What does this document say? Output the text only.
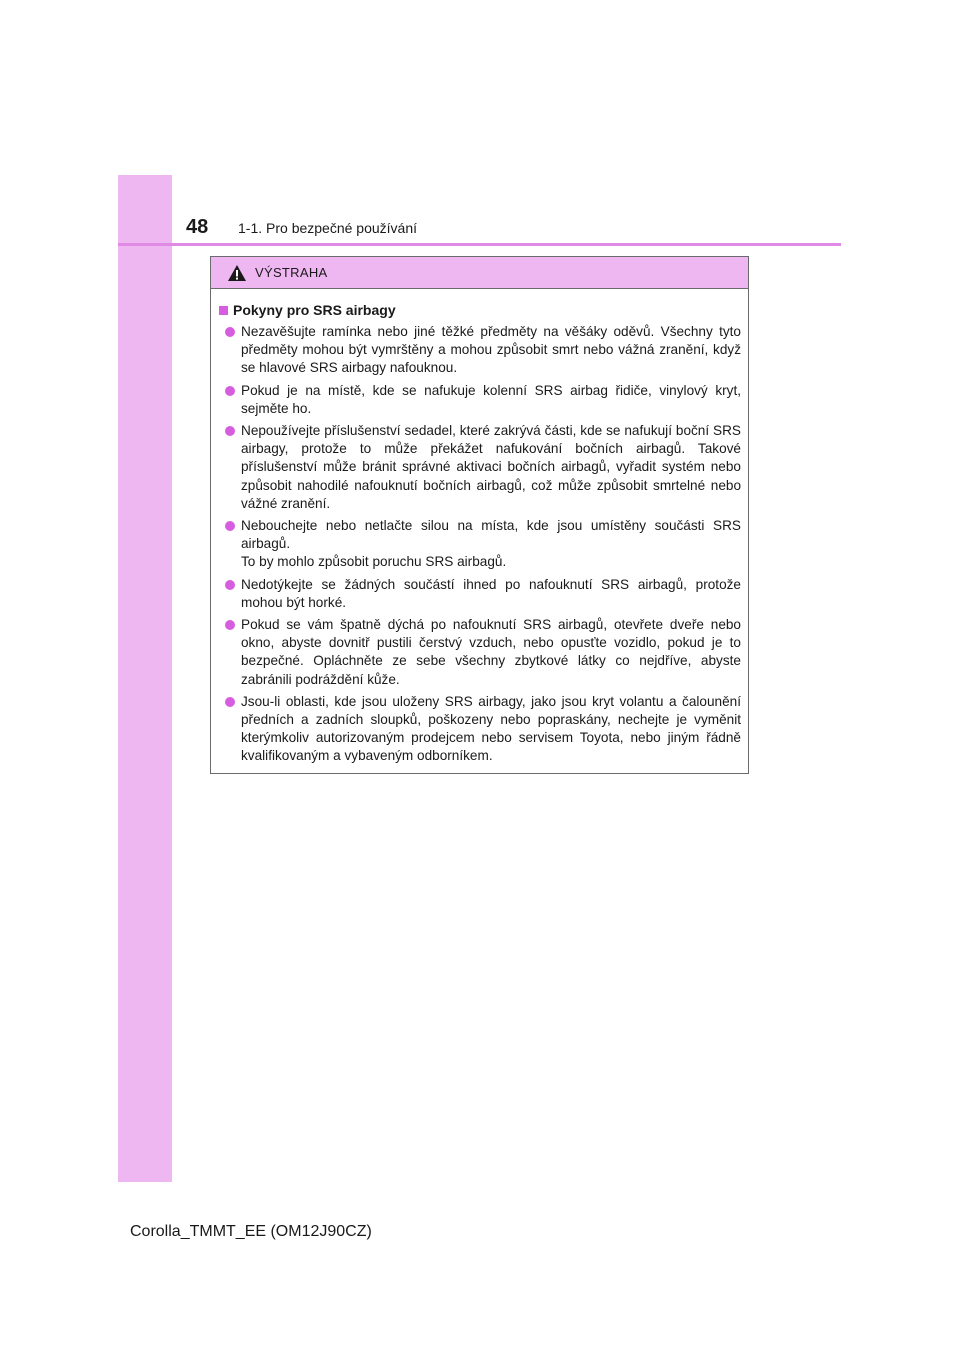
48	1-1. Pro bezpečné používání
VÝSTRAHA
Pokyny pro SRS airbagy
Nezavěšujte ramínka nebo jiné těžké předměty na věšáky oděvů. Všechny tyto předměty mohou být vymrštěny a mohou způsobit smrt nebo vážná zranění, když se hlavové SRS airbagy nafouknou.
Pokud je na místě, kde se nafukuje kolenní SRS airbag řidiče, vinylový kryt, sejměte ho.
Nepoužívejte příslušenství sedadel, které zakrývá části, kde se nafukují boční SRS airbagy, protože to může překážet nafukování bočních airbagů. Takové příslušenství může bránit správné aktivaci bočních airbagů, vyřadit systém nebo způsobit nahodilé nafouknutí bočních airbagů, což může způsobit smrtelné nebo vážné zranění.
Nebouchejte nebo netlačte silou na místa, kde jsou umístěny součásti SRS airbagů.
To by mohlo způsobit poruchu SRS airbagů.
Nedotýkejte se žádných součástí ihned po nafouknutí SRS airbagů, protože mohou být horké.
Pokud se vám špatně dýchá po nafouknutí SRS airbagů, otevřete dveře nebo okno, abyste dovnitř pustili čerstvý vzduch, nebo opusťte vozidlo, pokud je to bezpečné. Opláchněte ze sebe všechny zbytkové látky co nejdříve, abyste zabránili podráždění kůže.
Jsou-li oblasti, kde jsou uloženy SRS airbagy, jako jsou kryt volantu a čalounění předních a zadních sloupků, poškozeny nebo popraskány, nechejte je vyměnit kterýmkoliv autorizovaným prodejcem nebo servisem Toyota, nebo jiným řádně kvalifikovaným a vybaveným odborníkem.
Corolla_TMMT_EE (OM12J90CZ)
